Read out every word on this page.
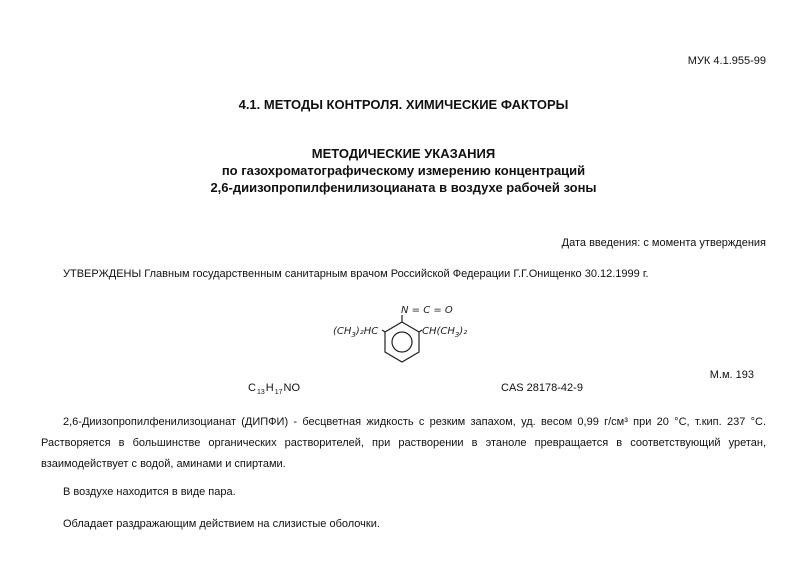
МУК 4.1.955-99
4.1. МЕТОДЫ КОНТРОЛЯ. ХИМИЧЕСКИЕ ФАКТОРЫ
МЕТОДИЧЕСКИЕ УКАЗАНИЯ
по газохроматографическому измерению концентраций
2,6-диизопропилфенилизоцианата в воздухе рабочей зоны
Дата введения: с момента утверждения
УТВЕРЖДЕНЫ Главным государственным санитарным врачом Российской Федерации Г.Г.Онищенко 30.12.1999 г.
N = C = O
$(CH_3)_2HC$	$CH(CH_3)_2$
М.м. 193
$C_{13}H_{17}NO$	CAS 28178-42-9
2,6-Диизопропилфенилизоцианат (ДИПФИ) - бесцветная жидкость с резким запахом, уд. весом 0,99 г/см³ при 20 °С, т.кип. 237 °С.
Растворяется в большинстве органических растворителей, при растворении в этаноле превращается в соответствующий уретан,
взаимодействует с водой, аминами и спиртами.
В воздухе находится в виде пара.
Обладает раздражающим действием на слизистые оболочки.
